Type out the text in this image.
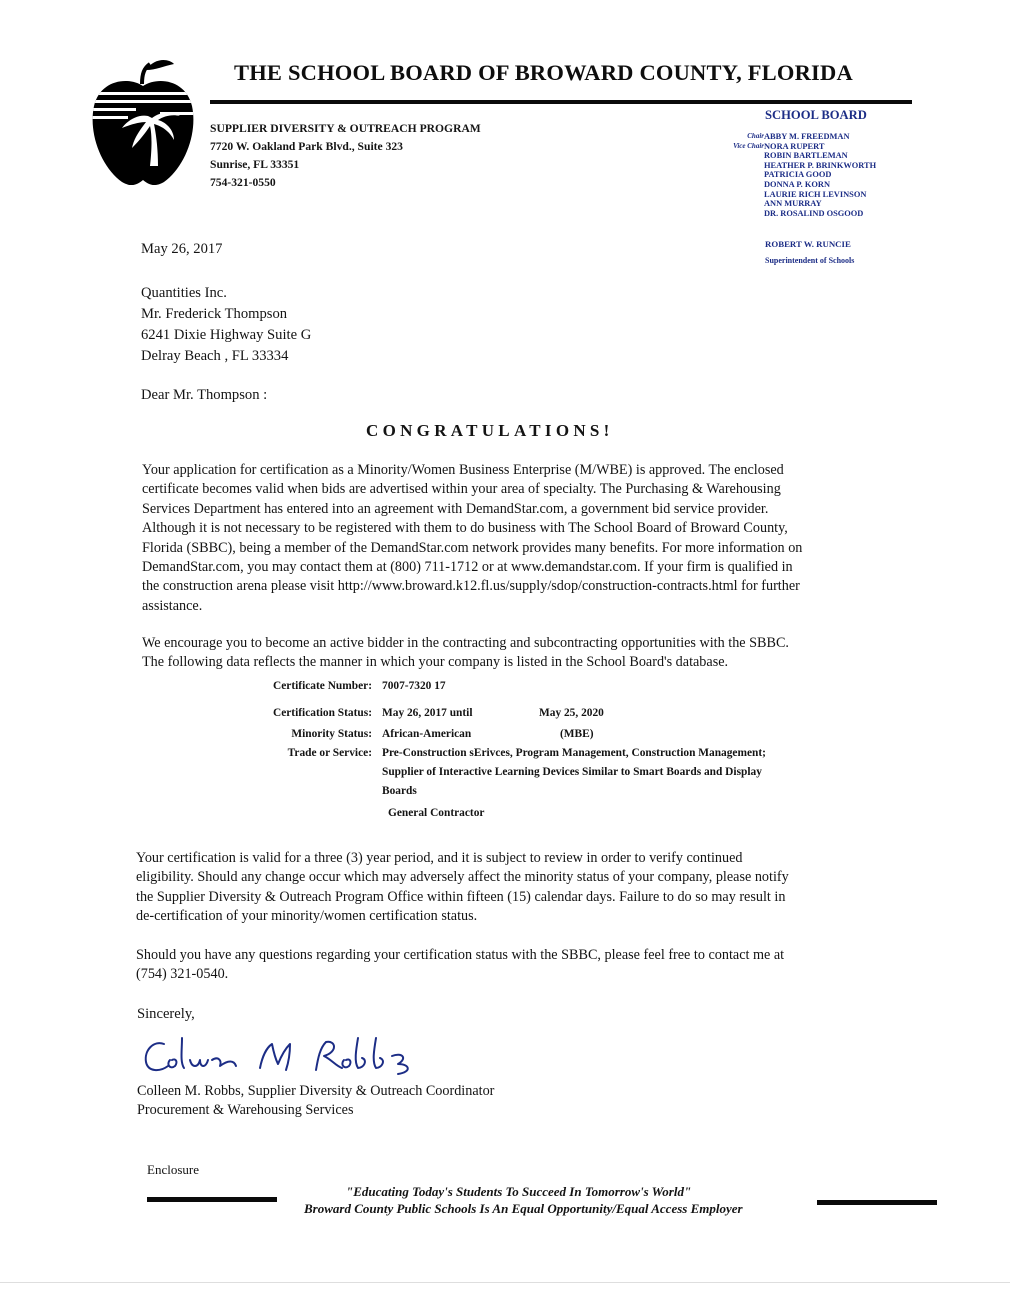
THE SCHOOL BOARD OF BROWARD COUNTY, FLORIDA
SUPPLIER DIVERSITY & OUTREACH PROGRAM
7720 W. Oakland Park Blvd., Suite 323
Sunrise, FL 33351
754-321-0550
SCHOOL BOARD
Chair ABBY M. FREEDMAN
Vice Chair NORA RUPERT
ROBIN BARTLEMAN
HEATHER P. BRINKWORTH
PATRICIA GOOD
DONNA P. KORN
LAURIE RICH LEVINSON
ANN MURRAY
DR. ROSALIND OSGOOD
ROBERT W. RUNCIE
Superintendent of Schools
May 26, 2017
Quantities Inc.
Mr. Frederick Thompson
6241 Dixie Highway Suite G
Delray Beach , FL 33334
Dear Mr. Thompson :
CONGRATULATIONS!
Your application for certification as a Minority/Women Business Enterprise (M/WBE) is approved. The enclosed
certificate becomes valid when bids are advertised within your area of specialty. The Purchasing & Warehousing
Services Department has entered into an agreement with DemandStar.com, a government bid service provider.
Although it is not necessary to be registered with them to do business with The School Board of Broward County,
Florida (SBBC), being a member of the DemandStar.com network provides many benefits. For more information on
DemandStar.com, you may contact them at (800) 711-1712 or at www.demandstar.com. If your firm is qualified in
the construction arena please visit http://www.broward.k12.fl.us/supply/sdop/construction-contracts.html for further
assistance.
We encourage you to become an active bidder in the contracting and subcontracting opportunities with the SBBC.
The following data reflects the manner in which your company is listed in the School Board's database.
Certificate Number: 7007-7320 17
Certification Status: May 26, 2017 until	May 25, 2020
Minority Status: African-American	(MBE)
Trade or Service: Pre-Construction sErivces, Program Management, Construction Management;
Supplier of Interactive Learning Devices Similar to Smart Boards and Display
Boards
General Contractor
Your certification is valid for a three (3) year period, and it is subject to review in order to verify continued
eligibility. Should any change occur which may adversely affect the minority status of your company, please notify
the Supplier Diversity & Outreach Program Office within fifteen (15) calendar days. Failure to do so may result in
de-certification of your minority/women certification status.
Should you have any questions regarding your certification status with the SBBC, please feel free to contact me at
(754) 321-0540.
Sincerely,
Colleen M. Robbs, Supplier Diversity & Outreach Coordinator
Procurement & Warehousing Services
Enclosure
"Educating Today's Students To Succeed In Tomorrow's World"
Broward County Public Schools Is An Equal Opportunity/Equal Access Employer
